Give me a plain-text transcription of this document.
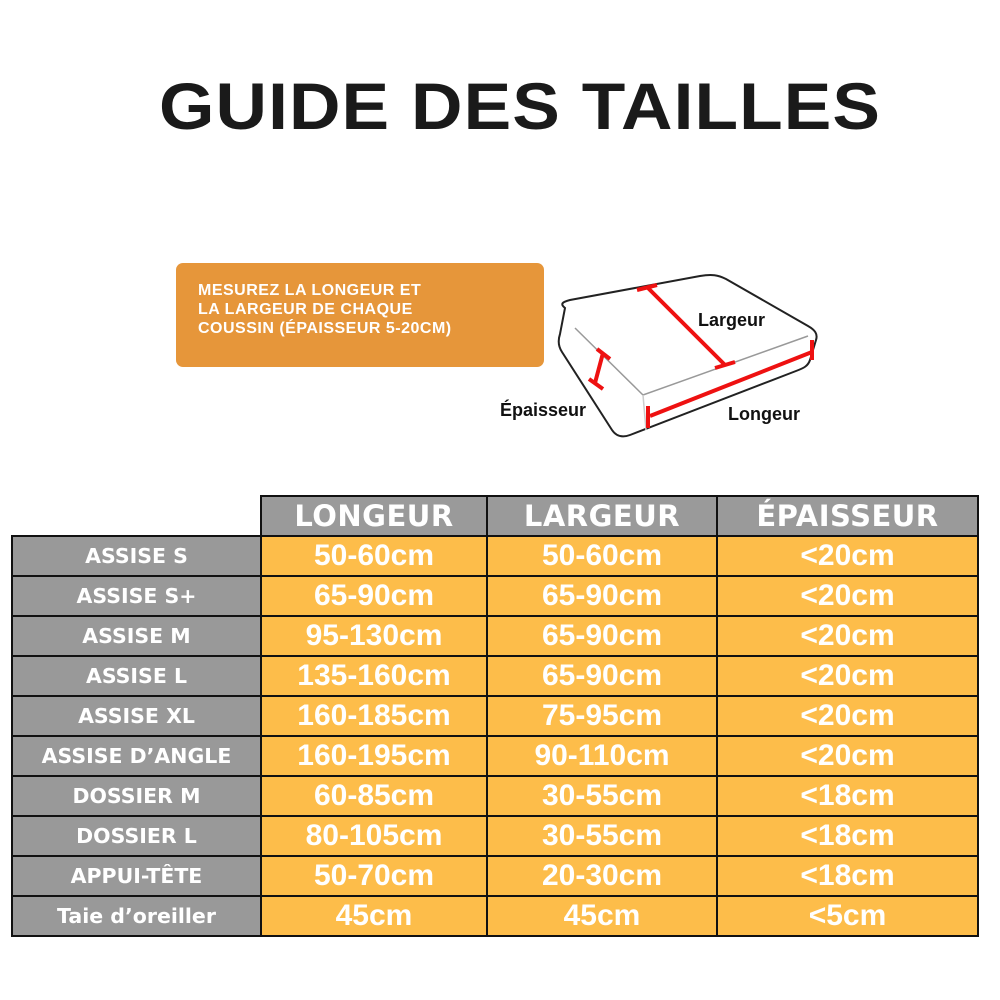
GUIDE DES TAILLES
MESUREZ LA LONGEUR ET
LA LARGEUR DE CHAQUE
COUSSIN (ÉPAISSEUR 5-20CM)	Largeur
Longeur
Épaisseur
	LONGEUR	LARGEUR	ÉPAISSEUR
ASSISE S	50-60cm	50-60cm	<20cm
ASSISE S+	65-90cm	65-90cm	<20cm
ASSISE M	95-130cm	65-90cm	<20cm
ASSISE L	135-160cm	65-90cm	<20cm
ASSISE XL	160-185cm	75-95cm	<20cm
ASSISE D’ANGLE	160-195cm	90-110cm	<20cm
DOSSIER M	60-85cm	30-55cm	<18cm
DOSSIER L	80-105cm	30-55cm	<18cm
APPUI-TÊTE	50-70cm	20-30cm	<18cm
Taie d’oreiller	45cm	45cm	<5cm
